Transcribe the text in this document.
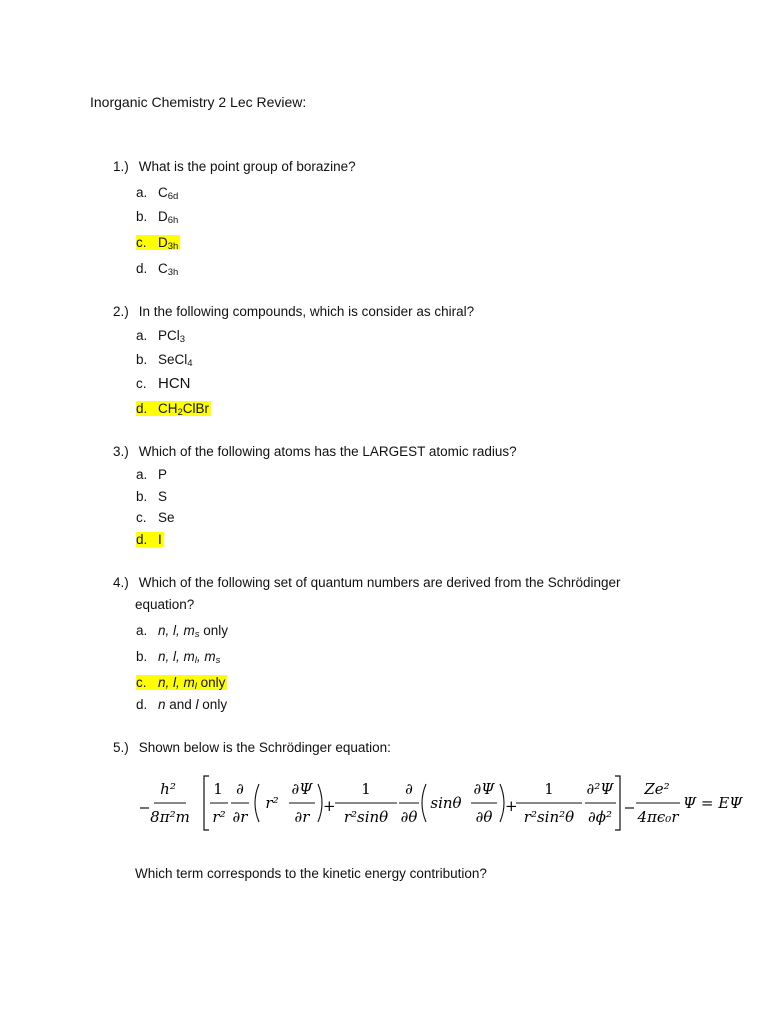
Inorganic Chemistry 2 Lec Review:
1.) What is the point group of borazine?
a. $C_{6d}$
b. $D_{6h}$
c. $D_{3h}$
d. $C_{3h}$
2.) In the following compounds, which is consider as chiral?
a. PCl$_3$
b. SeCl$_4$
c. HCN
d. $CH_2ClBr$
3.) Which of the following atoms has the LARGEST atomic radius?
a. P
b. S
c. Se
d. I
4.) Which of the following set of quantum numbers are derived from the Schrödinger
equation?
a. n, l, $m_s$ only
b. n, l, $m_l$, $m_s$
c. n, l, $m_l$ only
d. n and l only
5.) Shown below is the Schrödinger equation:
h²
8π²m
1
r²
∂
∂r
r²
∂Ψ
∂r
+
1
r²sinθ
∂
∂θ
sinθ
∂Ψ
∂θ
+
1
r²sin²θ
∂²Ψ
∂ϕ²
Ze²
4πϵ₀r
Ψ = EΨ
Which term corresponds to the kinetic energy contribution?
